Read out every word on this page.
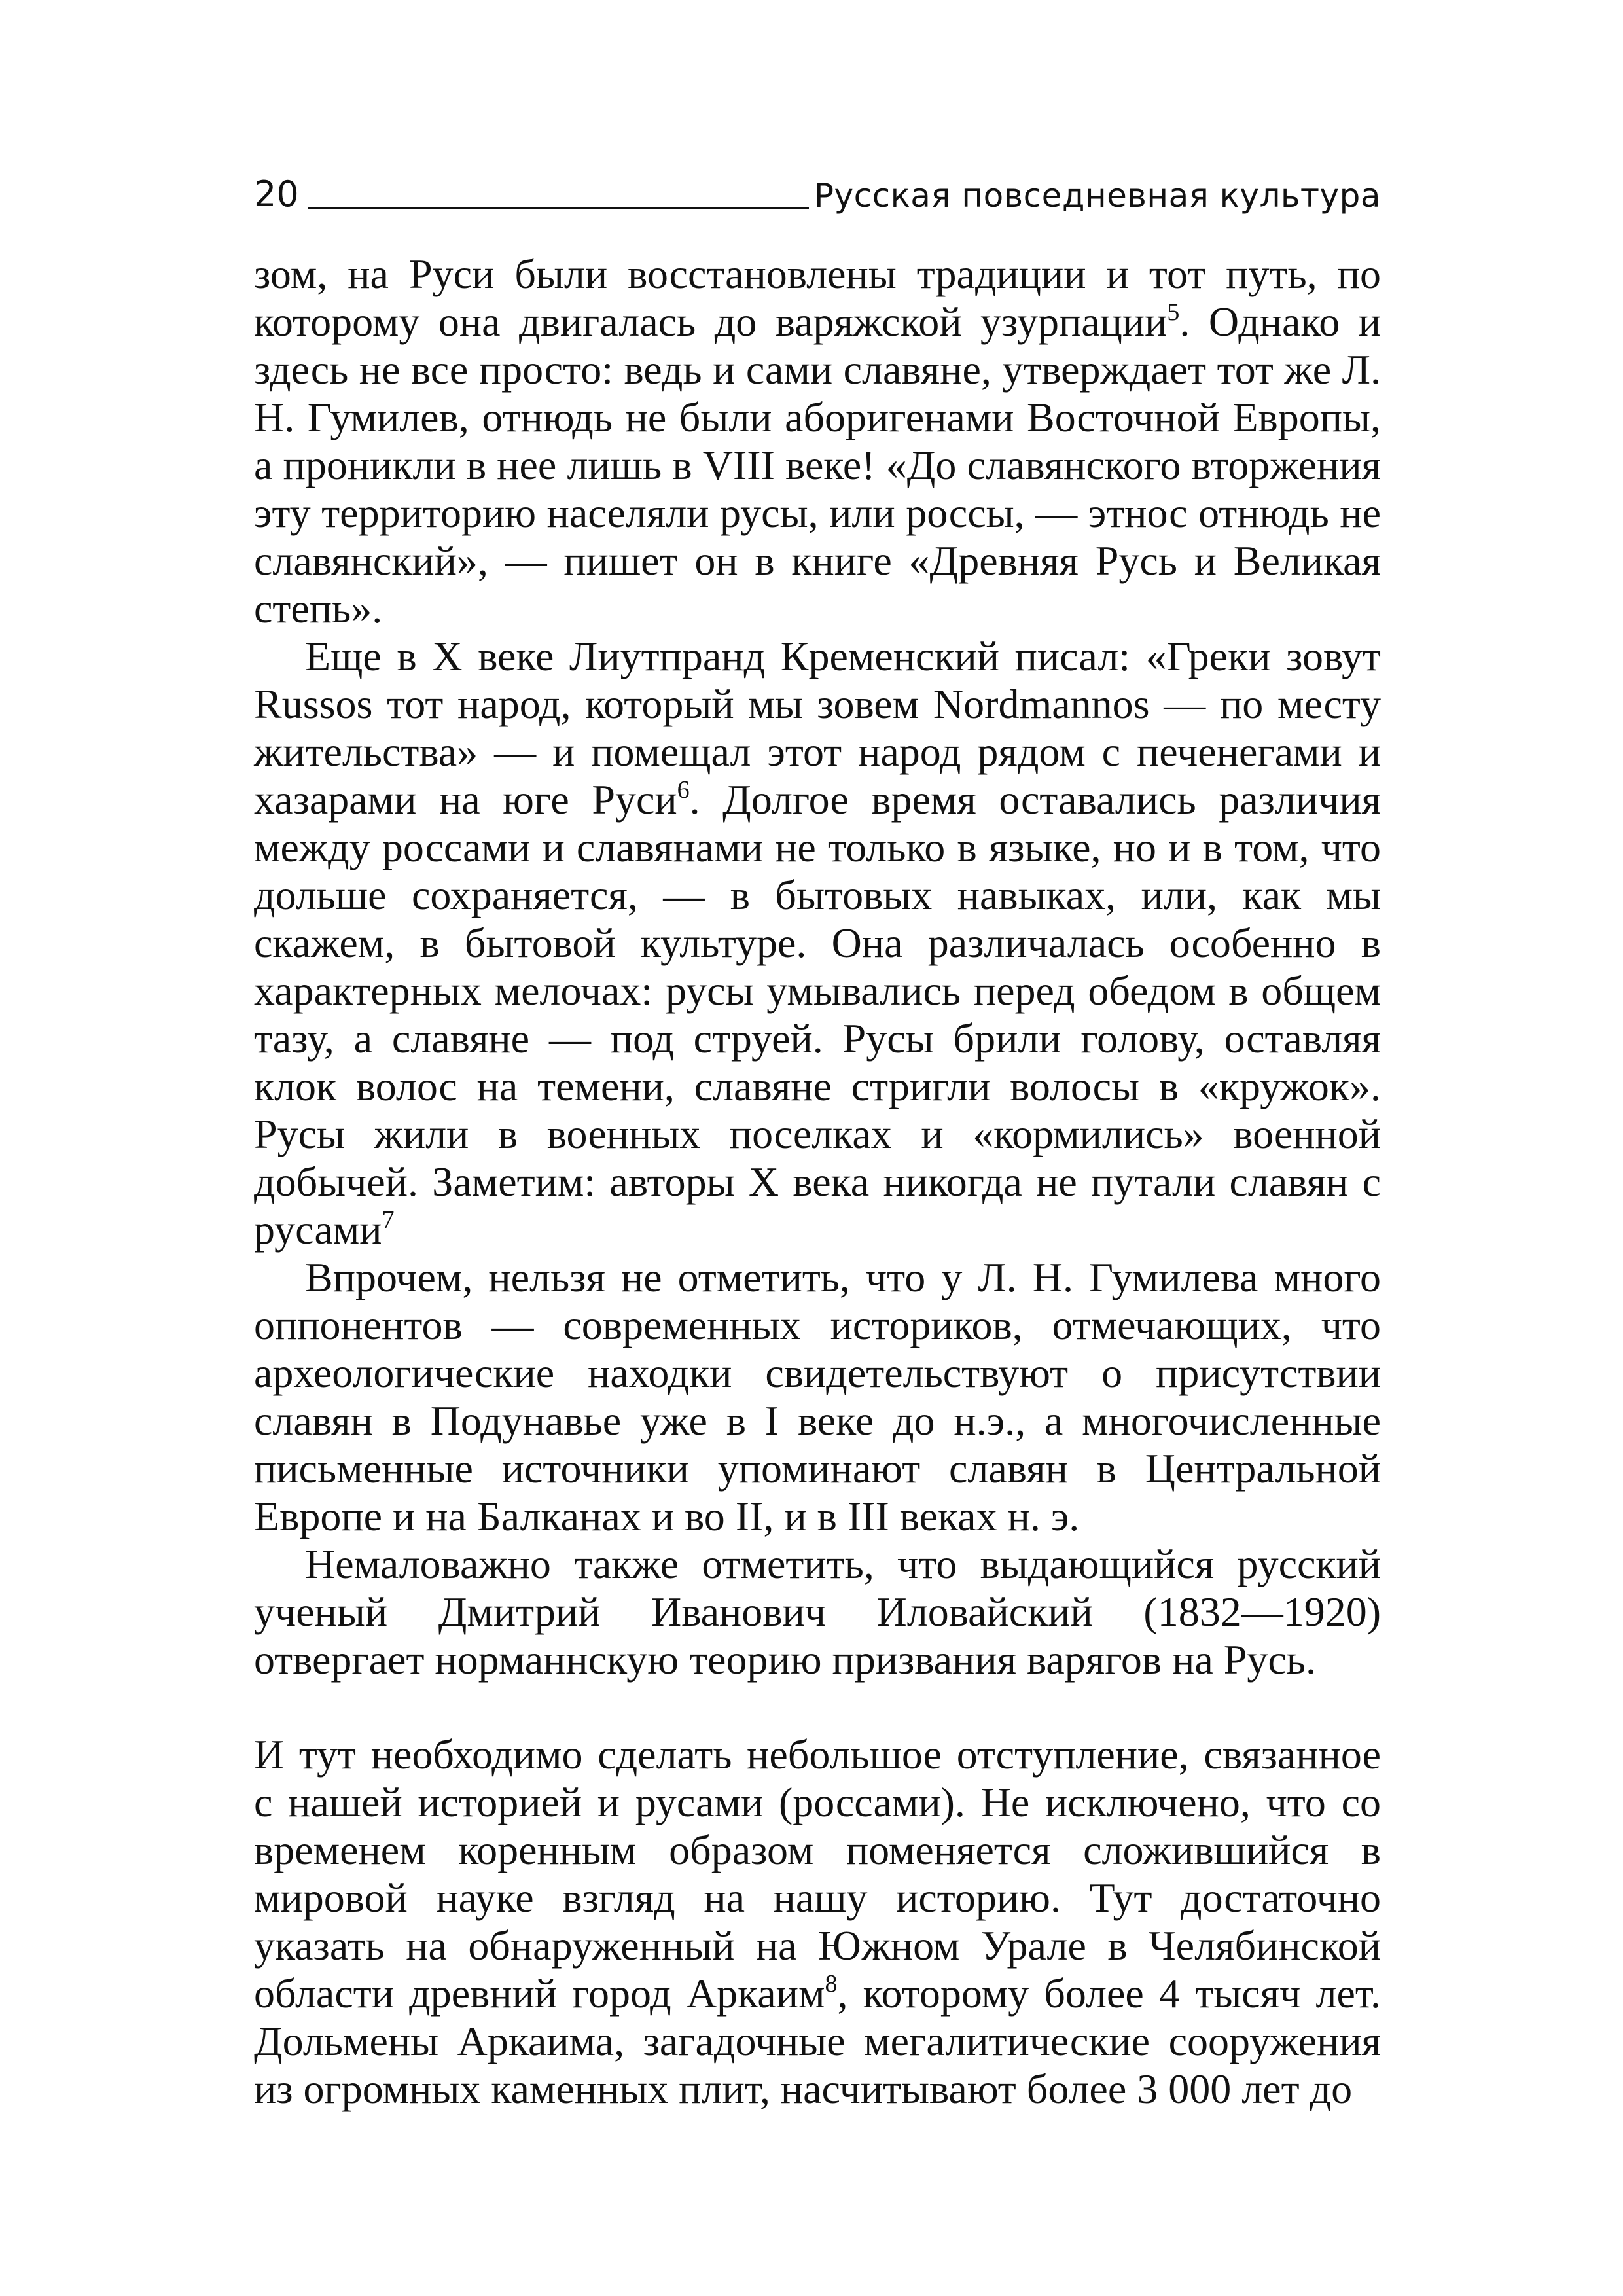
20	Русская повседневная культура

зом, на Руси были восстановлены традиции и тот путь, по которому она двигалась до варяжской узурпации$^5$. Однако и здесь не все просто: ведь и сами славяне, утверждает тот же Л. Н. Гумилев, отнюдь не были аборигенами Восточной Европы, а проникли в нее лишь в VIII веке! «До славянского вторжения эту территорию населяли русы, или россы, — этнос отнюдь не славянский», — пишет он в книге «Древняя Русь и Великая степь».

Еще в X веке Лиутпранд Кременский писал: «Греки зовут Russos тот народ, который мы зовем Nordmannos — по месту жительства» — и помещал этот народ рядом с печенегами и хазарами на юге Руси$^6$. Долгое время оставались различия между россами и славянами не только в языке, но и в том, что дольше сохраняется, — в бытовых навыках, или, как мы скажем, в бытовой культуре. Она различалась особенно в характерных мелочах: русы умывались перед обедом в общем тазу, а славяне — под струей. Русы брили голову, оставляя клок волос на темени, славяне стригли волосы в «кружок». Русы жили в военных поселках и «кормились» военной добычей. Заметим: авторы X века никогда не путали славян с русами$^7$

Впрочем, нельзя не отметить, что у Л. Н. Гумилева много оппонентов — современных историков, отмечающих, что археологические находки свидетельствуют о присутствии славян в Подунавье уже в I веке до н.э., а многочисленные письменные источники упоминают славян в Центральной Европе и на Балканах и во II, и в III веках н. э.

Немаловажно также отметить, что выдающийся русский ученый Дмитрий Иванович Иловайский (1832—1920) отвергает норманнскую теорию призвания варягов на Русь.

И тут необходимо сделать небольшое отступление, связанное с нашей историей и русами (россами). Не исключено, что со временем коренным образом поменяется сложившийся в мировой науке взгляд на нашу историю. Тут достаточно указать на обнаруженный на Южном Урале в Челябинской области древний город Аркаим$^8$, которому более 4 тысяч лет. Дольмены Аркаима, загадочные мегалитические сооружения из огромных каменных плит, насчитывают более 3 000 лет до
